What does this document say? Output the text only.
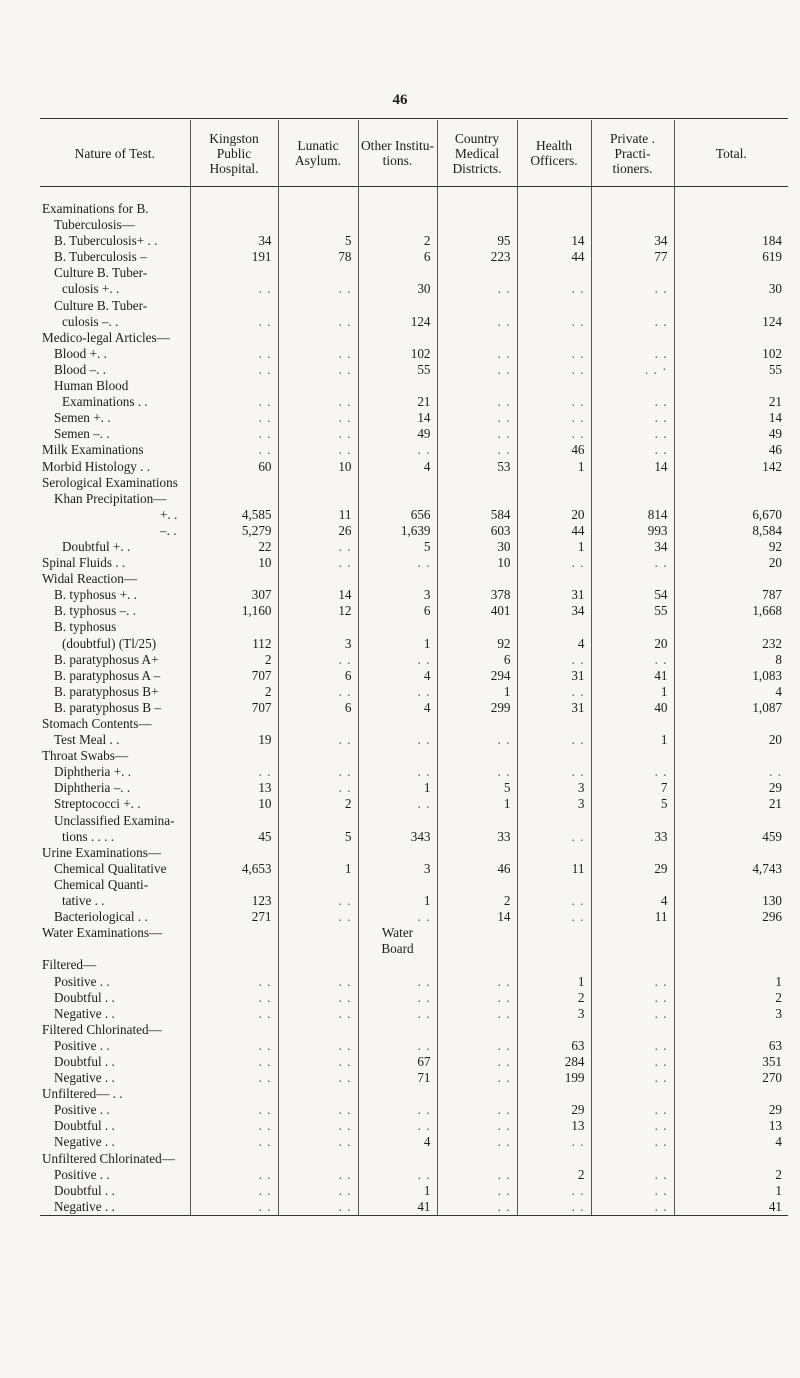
46
Nature of Test.	Kingston Public Hospital.	Lunatic Asylum.	Other Institu- tions.	Country Medical Districts.	Health Officers.	Private . Practi- tioners.	Total.
Examinations for B.							
Tuberculosis—							
B. Tuberculosis+ . .	34	5	2	95	14	34	184
B. Tuberculosis –	191	78	6	223	44	77	619
Culture B. Tuber-							
culosis +. .	. .	. .	30	. .	. .	. .	30
Culture B. Tuber-							
culosis –. .	. .	. .	124	. .	. .	. .	124
Medico-legal Articles—							
Blood +. .	. .	. .	102	. .	. .	. .	102
Blood –. .	. .	. .	55	. .	. .	. . ·	55
Human Blood							
Examinations . .	. .	. .	21	. .	. .	. .	21
Semen +. .	. .	. .	14	. .	. .	. .	14
Semen –. .	. .	. .	49	. .	. .	. .	49
Milk Examinations	. .	. .	. .	. .	46	. .	46
Morbid Histology . .	60	10	4	53	1	14	142
Serological Examinations							
Khan Precipitation—							
+. .	4,585	11	656	584	20	814	6,670
–. .	5,279	26	1,639	603	44	993	8,584
Doubtful +. .	22	. .	5	30	1	34	92
Spinal Fluids . .	10	. .	. .	10	. .	. .	20
Widal Reaction—							
B. typhosus +. .	307	14	3	378	31	54	787
B. typhosus –. .	1,160	12	6	401	34	55	1,668
B. typhosus							
(doubtful) (Tl/25)	112	3	1	92	4	20	232
B. paratyphosus A+	2	. .	. .	6	. .	. .	8
B. paratyphosus A –	707	6	4	294	31	41	1,083
B. paratyphosus B+	2	. .	. .	1	. .	1	4
B. paratyphosus B –	707	6	4	299	31	40	1,087
Stomach Contents—							
Test Meal . .	19	. .	. .	. .	. .	1	20
Throat Swabs—							
Diphtheria +. .	. .	. .	. .	. .	. .	. .	. .
Diphtheria –. .	13	. .	1	5	3	7	29
Streptococci +. .	10	2	. .	1	3	5	21
Unclassified Examina-							
tions . . . .	45	5	343	33	. .	33	459
Urine Examinations—							
Chemical Qualitative	4,653	1	3	46	11	29	4,743
Chemical Quanti-							
tative . .	123	. .	1	2	. .	4	130
Bacteriological . .	271	. .	. .	14	. .	11	296
Water Examinations—			Water				
			Board				
Filtered—							
Positive . .	. .	. .	. .	. .	1	. .	1
Doubtful . .	. .	. .	. .	. .	2	. .	2
Negative . .	. .	. .	. .	. .	3	. .	3
Filtered Chlorinated—							
Positive . .	. .	. .	. .	. .	63	. .	63
Doubtful . .	. .	. .	67	. .	284	. .	351
Negative . .	. .	. .	71	. .	199	. .	270
Unfiltered— . .							
Positive . .	. .	. .	. .	. .	29	. .	29
Doubtful . .	. .	. .	. .	. .	13	. .	13
Negative . .	. .	. .	4	. .	. .	. .	4
Unfiltered Chlorinated—							
Positive . .	. .	. .	. .	. .	2	. .	2
Doubtful . .	. .	. .	1	. .	. .	. .	1
Negative . .	. .	. .	41	. .	. .	. .	41
